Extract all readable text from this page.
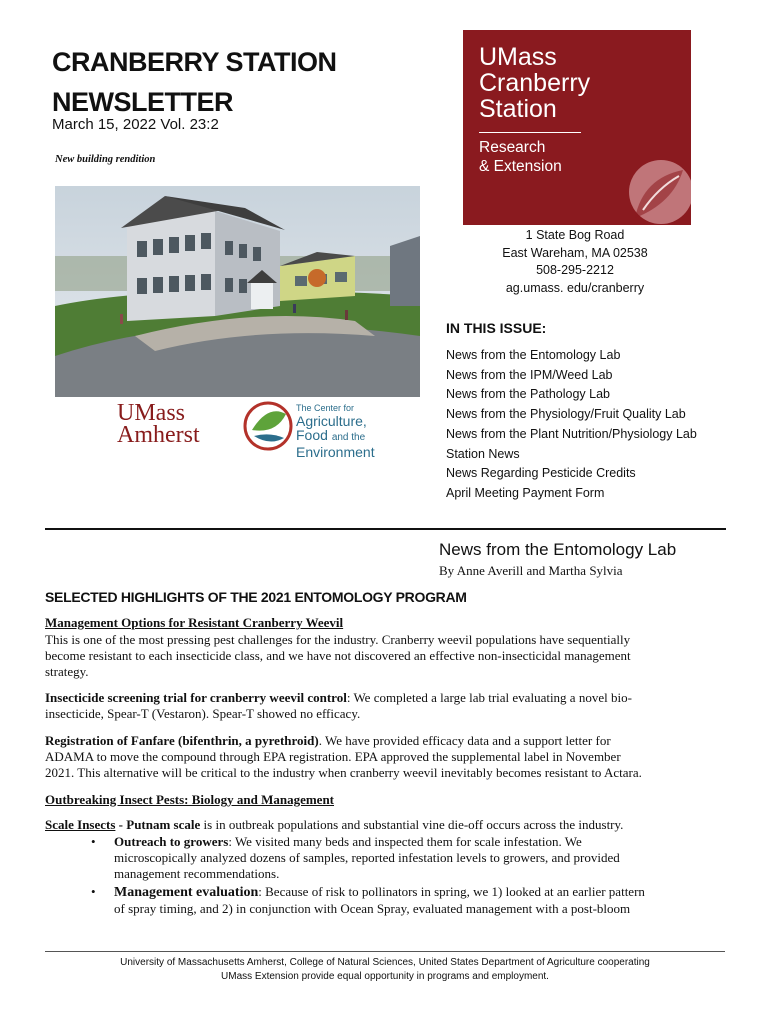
CRANBERRY STATION
NEWSLETTER
March 15, 2022 Vol. 23:2
New building rendition
UMass
Cranberry
Station
Research
& Extension
1 State Bog Road
East Wareham, MA 02538
508-295-2212
ag.umass. edu/cranberry
IN THIS ISSUE:
News from the Entomology Lab
News from the IPM/Weed Lab
News from the Pathology Lab
News from the Physiology/Fruit Quality Lab
News from the Plant Nutrition/Physiology Lab
Station News
News Regarding Pesticide Credits
April Meeting Payment Form
UMass
Amherst
The Center for
Agriculture,
Food and the
Environment
News from the Entomology Lab
By Anne Averill and Martha Sylvia
SELECTED HIGHLIGHTS OF THE 2021 ENTOMOLOGY PROGRAM
Management Options for Resistant Cranberry Weevil
This is one of the most pressing pest challenges for the industry. Cranberry weevil populations have sequentially
become resistant to each insecticide class, and we have not discovered an effective non-insecticidal management
strategy.
Insecticide screening trial for cranberry weevil control: We completed a large lab trial evaluating a novel bio-
insecticide, Spear-T (Vestaron). Spear-T showed no efficacy.
Registration of Fanfare (bifenthrin, a pyrethroid). We have provided efficacy data and a support letter for
ADAMA to move the compound through EPA registration. EPA approved the supplemental label in November
2021. This alternative will be critical to the industry when cranberry weevil inevitably becomes resistant to Actara.
Outbreaking Insect Pests: Biology and Management
Scale Insects - Putnam scale is in outbreak populations and substantial vine die-off occurs across the industry.
• Outreach to growers: We visited many beds and inspected them for scale infestation. We
microscopically analyzed dozens of samples, reported infestation levels to growers, and provided
management recommendations.
• Management evaluation: Because of risk to pollinators in spring, we 1) looked at an earlier pattern
of spray timing, and 2) in conjunction with Ocean Spray, evaluated management with a post-bloom
University of Massachusetts Amherst, College of Natural Sciences, United States Department of Agriculture cooperating
UMass Extension provide equal opportunity in programs and employment.
